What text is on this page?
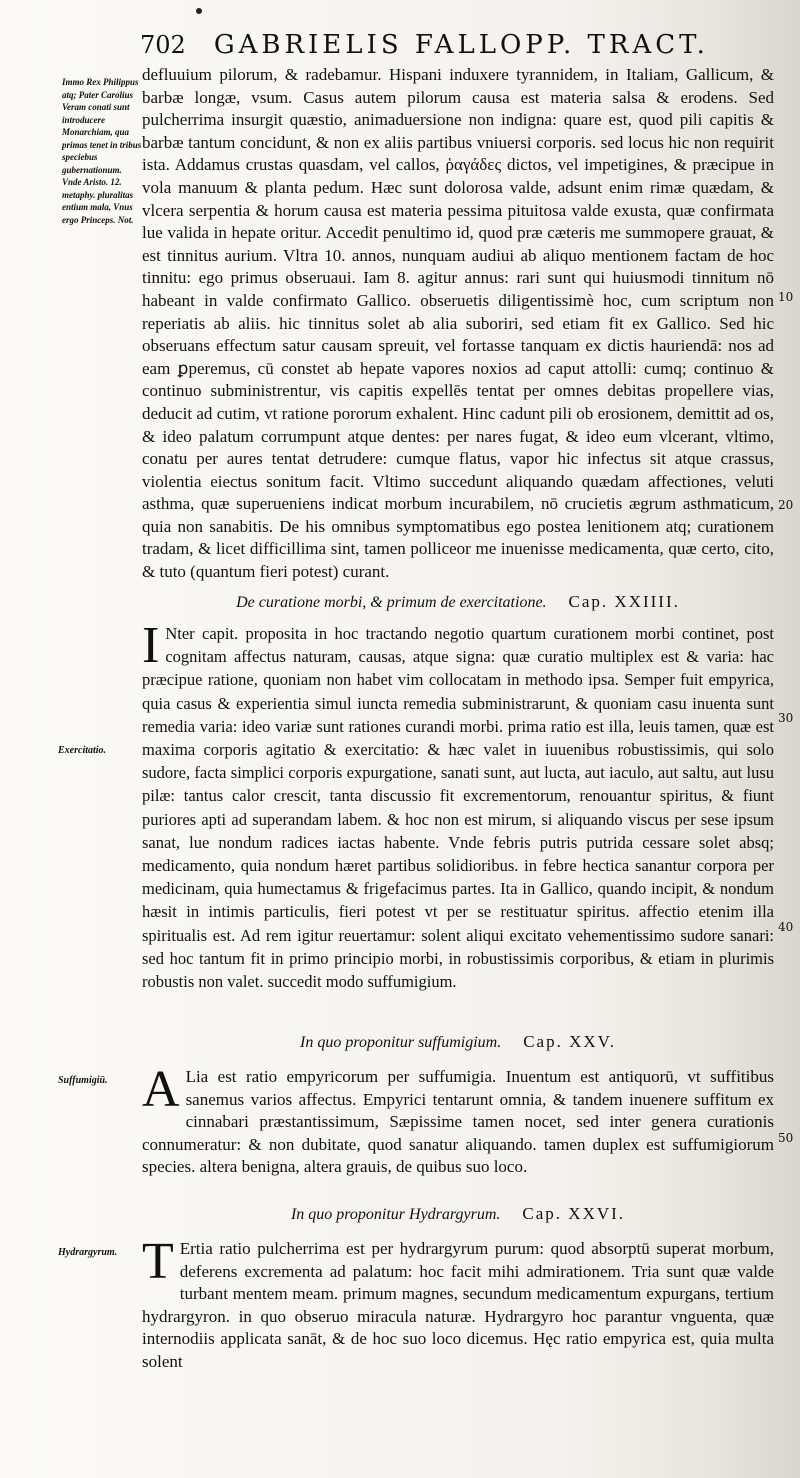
702 GABRIELIS FALLOPP. TRACT.
Immo Rex Philippus atq; Pater Carolius Veram conati sunt introducere Monarchiam, qua primas tenet in tribus speciebus gubernationum. Vnde Aristo. 12. metaphy. pluralitas entium mala, Vnus ergo Princeps. Not.
Exercitatio.
Suffumigiū.
Hydrargyrum.
10
20
30
40
50
defluuium pilorum, & radebamur. Hispani induxere tyrannidem, in Italiam, Gallicum, & barbæ longæ, vsum. Casus autem pilorum causa est materia salsa & erodens. Sed pulcherrima insurgit quæstio, animaduersione non indigna: quare est, quod pili capitis & barbæ tantum concidunt, & non ex aliis partibus vniuersi corporis. sed locus hic non requirit ista. Addamus crustas quasdam, vel callos, ῥαγάδες dictos, vel impetigines, & præcipue in vola manuum & planta pedum. Hæc sunt dolorosa valde, adsunt enim rimæ quædam, & vlcera serpentia & horum causa est materia pessima pituitosa valde exusta, quæ confirmata lue valida in hepate oritur. Accedit penultimo id, quod præ cæteris me summopere grauat, & est tinnitus aurium. Vltra 10. annos, nunquam audiui ab aliquo mentionem factam de hoc tinnitu: ego primus obseruaui. Iam 8. agitur annus: rari sunt qui huiusmodi tinnitum nō habeant in valde confirmato Gallico. obseruetis diligentissimè hoc, cum scriptum non reperiatis ab aliis. hic tinnitus solet ab alia suboriri, sed etiam fit ex Gallico. Sed hic obseruans effectum satur causam spreuit, vel fortasse tanquam ex dictis hauriendā: nos ad eam ꝑperemus, cū constet ab hepate vapores noxios ad caput attolli: cumq; continuo & continuo subministrentur, vis capitis expellēs tentat per omnes debitas propellere vias, deducit ad cutim, vt ratione pororum exhalent. Hinc cadunt pili ob erosionem, demittit ad os, & ideo palatum corrumpunt atque dentes: per nares fugat, & ideo eum vlcerant, vltimo, conatu per aures tentat detrudere: cumque flatus, vapor hic infectus sit atque crassus, violentia eiectus sonitum facit. Vltimo succedunt aliquando quædam affectiones, veluti asthma, quæ superueniens indicat morbum incurabilem, nō crucietis ægrum asthmaticum, quia non sanabitis. De his omnibus symptomatibus ego postea lenitionem atq; curationem tradam, & licet difficillima sint, tamen polliceor me inuenisse medicamenta, quæ certo, cito, & tuto (quantum fieri potest) curant.
De curatione morbi, & primum de exercitatione. Cap. XXIIII.
I Nter capit. proposita in hoc tractando negotio quartum curationem morbi continet, post cognitam affectus naturam, causas, atque signa: quæ curatio multiplex est & varia: hac præcipue ratione, quoniam non habet vim collocatam in methodo ipsa. Semper fuit empyrica, quia casus & experientia simul iuncta remedia subministrarunt, & quoniam casu inuenta sunt remedia varia: ideo variæ sunt rationes curandi morbi. prima ratio est illa, leuis tamen, quæ est maxima corporis agitatio & exercitatio: & hæc valet in iuuenibus robustissimis, qui solo sudore, facta simplici corporis expurgatione, sanati sunt, aut lucta, aut iaculo, aut saltu, aut lusu pilæ: tantus calor crescit, tanta discussio fit excrementorum, renouantur spiritus, & fiunt puriores apti ad superandam labem. & hoc non est mirum, si aliquando viscus per sese ipsum sanat, lue nondum radices iactas habente. Vnde febris putris putrida cessare solet absq; medicamento, quia nondum hæret partibus solidioribus. in febre hectica sanantur corpora per medicinam, quia humectamus & frigefacimus partes. Ita in Gallico, quando incipit, & nondum hæsit in intimis particulis, fieri potest vt per se restituatur spiritus. affectio etenim illa spiritualis est. Ad rem igitur reuertamur: solent aliqui excitato vehementissimo sudore sanari: sed hoc tantum fit in primo principio morbi, in robustissimis corporibus, & etiam in plurimis robustis non valet. succedit modo suffumigium.
In quo proponitur suffumigium. Cap. XXV.
A Lia est ratio empyricorum per suffumigia. Inuentum est antiquorū, vt suffitibus sanemus varios affectus. Empyrici tentarunt omnia, & tandem inuenere suffitum ex cinnabari præstantissimum, Sæpissime tamen nocet, sed inter genera curationis connumeratur: & non dubitate, quod sanatur aliquando. tamen duplex est suffumigiorum species. altera benigna, altera grauis, de quibus suo loco.
In quo proponitur Hydrargyrum. Cap. XXVI.
T Ertia ratio pulcherrima est per hydrargyrum purum: quod absorptū superat morbum, deferens excrementa ad palatum: hoc facit mihi admirationem. Tria sunt quæ valde turbant mentem meam. primum magnes, secundum medicamentum expurgans, tertium hydrargyron. in quo obseruo miracula naturæ. Hydrargyro hoc parantur vnguenta, quæ internodiis applicata sanāt, & de hoc suo loco dicemus. Hęc ratio empyrica est, quia multa solent
